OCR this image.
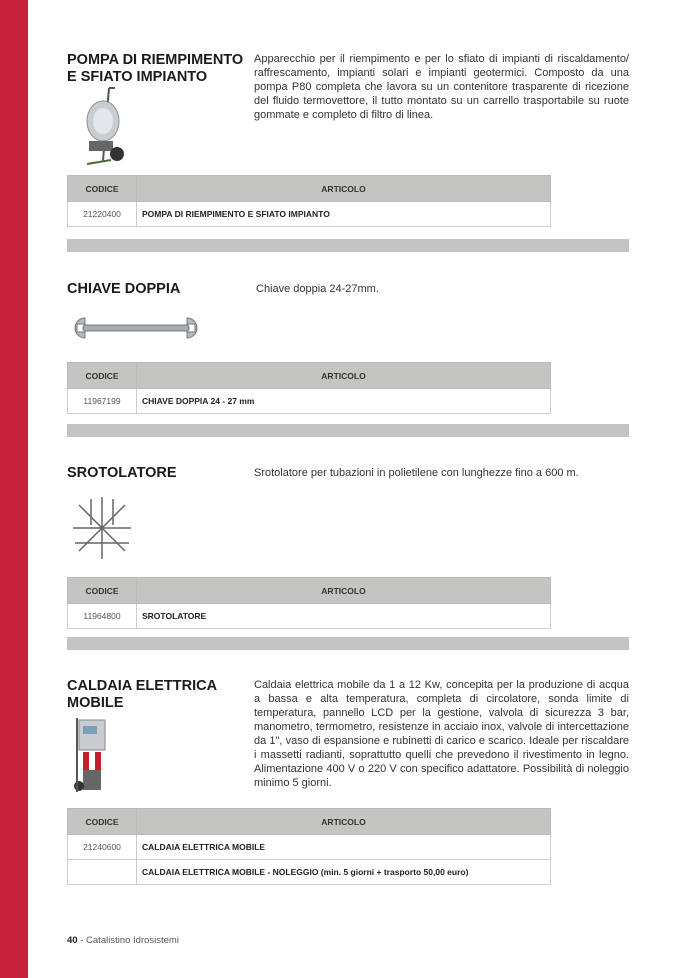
POMPA DI RIEMPIMENTO E SFIATO IMPIANTO
Apparecchio per il riempimento e per lo sfiato di impianti di riscaldamento/ raffrescamento, impianti solari e impianti geotermici. Composto da una pompa P80 completa che lavora su un contenitore trasparente di ricezione del fluido termovettore, il tutto montato su un carrello trasportabile su ruote gommate e completo di filtro di linea.
CODICE	ARTICOLO
21220400	POMPA DI RIEMPIMENTO E SFIATO IMPIANTO
CHIAVE DOPPIA	Chiave doppia 24-27mm.
CODICE	ARTICOLO
11967199	CHIAVE DOPPIA 24 - 27 mm
SROTOLATORE	Srotolatore per tubazioni in polietilene con lunghezze fino a 600 m.
CODICE	ARTICOLO
11964800	SROTOLATORE
CALDAIA ELETTRICA MOBILE
Caldaia elettrica mobile da 1 a 12 Kw, concepita per la produzione di acqua a bassa e alta temperatura, completa di circolatore, sonda limite di temperatura, pannello LCD per la gestione, valvola di sicurezza 3 bar, manometro, termometro, resistenze in acciaio inox, valvole di intercettazione da 1", vaso di espansione e rubinetti di carico e scarico. Ideale per riscaldare i massetti radianti, soprattutto quelli che prevedono il rivestimento in legno. Alimentazione 400 V o 220 V con specifico adattatore. Possibilità di noleggio minimo 5 giorni.
CODICE	ARTICOLO
21240600	CALDAIA ELETTRICA MOBILE
	CALDAIA ELETTRICA MOBILE - NOLEGGIO (min. 5 giorni + trasporto 50,00 euro)
40 - Catalistino Idrosistemi
